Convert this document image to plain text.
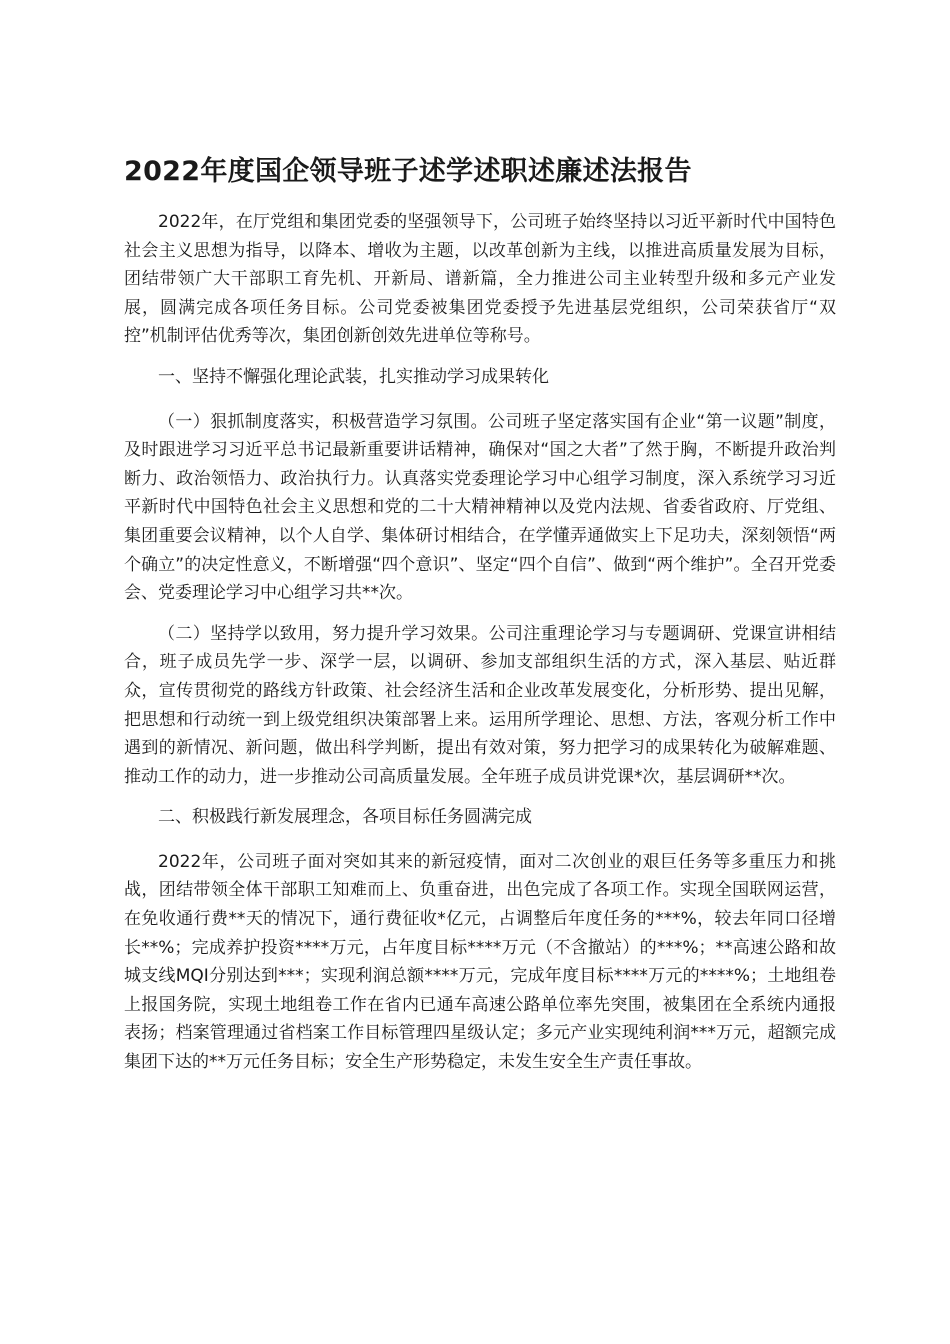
2022年度国企领导班子述学述职述廉述法报告

2022年，在厅党组和集团党委的坚强领导下，公司班子始终坚持以习近平新时代中国特色社会主义思想为指导，以降本、增收为主题，以改革创新为主线，以推进高质量发展为目标，团结带领广大干部职工育先机、开新局、谱新篇，全力推进公司主业转型升级和多元产业发展，圆满完成各项任务目标。公司党委被集团党委授予先进基层党组织，公司荣获省厅“双控”机制评估优秀等次，集团创新创效先进单位等称号。

一、坚持不懈强化理论武装，扎实推动学习成果转化

（一）狠抓制度落实，积极营造学习氛围。公司班子坚定落实国有企业“第一议题”制度，及时跟进学习习近平总书记最新重要讲话精神，确保对“国之大者”了然于胸，不断提升政治判断力、政治领悟力、政治执行力。认真落实党委理论学习中心组学习制度，深入系统学习习近平新时代中国特色社会主义思想和党的二十大精神精神以及党内法规、省委省政府、厅党组、集团重要会议精神，以个人自学、集体研讨相结合，在学懂弄通做实上下足功夫，深刻领悟“两个确立”的决定性意义，不断增强“四个意识”、坚定“四个自信”、做到“两个维护”。全召开党委会、党委理论学习中心组学习共**次。

（二）坚持学以致用，努力提升学习效果。公司注重理论学习与专题调研、党课宣讲相结合，班子成员先学一步、深学一层，以调研、参加支部组织生活的方式，深入基层、贴近群众，宣传贯彻党的路线方针政策、社会经济生活和企业改革发展变化，分析形势、提出见解，把思想和行动统一到上级党组织决策部署上来。运用所学理论、思想、方法，客观分析工作中遇到的新情况、新问题，做出科学判断，提出有效对策，努力把学习的成果转化为破解难题、推动工作的动力，进一步推动公司高质量发展。全年班子成员讲党课*次，基层调研**次。

二、积极践行新发展理念，各项目标任务圆满完成

2022年，公司班子面对突如其来的新冠疫情，面对二次创业的艰巨任务等多重压力和挑战，团结带领全体干部职工知难而上、负重奋进，出色完成了各项工作。实现全国联网运营，在免收通行费**天的情况下，通行费征收*亿元，占调整后年度任务的***%，较去年同口径增长**%；完成养护投资****万元，占年度目标****万元（不含撤站）的***%；**高速公路和故城支线MQI分别达到***；实现利润总额****万元，完成年度目标****万元的****%；土地组卷上报国务院，实现土地组卷工作在省内已通车高速公路单位率先突围，被集团在全系统内通报表扬；档案管理通过省档案工作目标管理四星级认定；多元产业实现纯利润***万元，超额完成集团下达的**万元任务目标；安全生产形势稳定，未发生安全生产责任事故。
